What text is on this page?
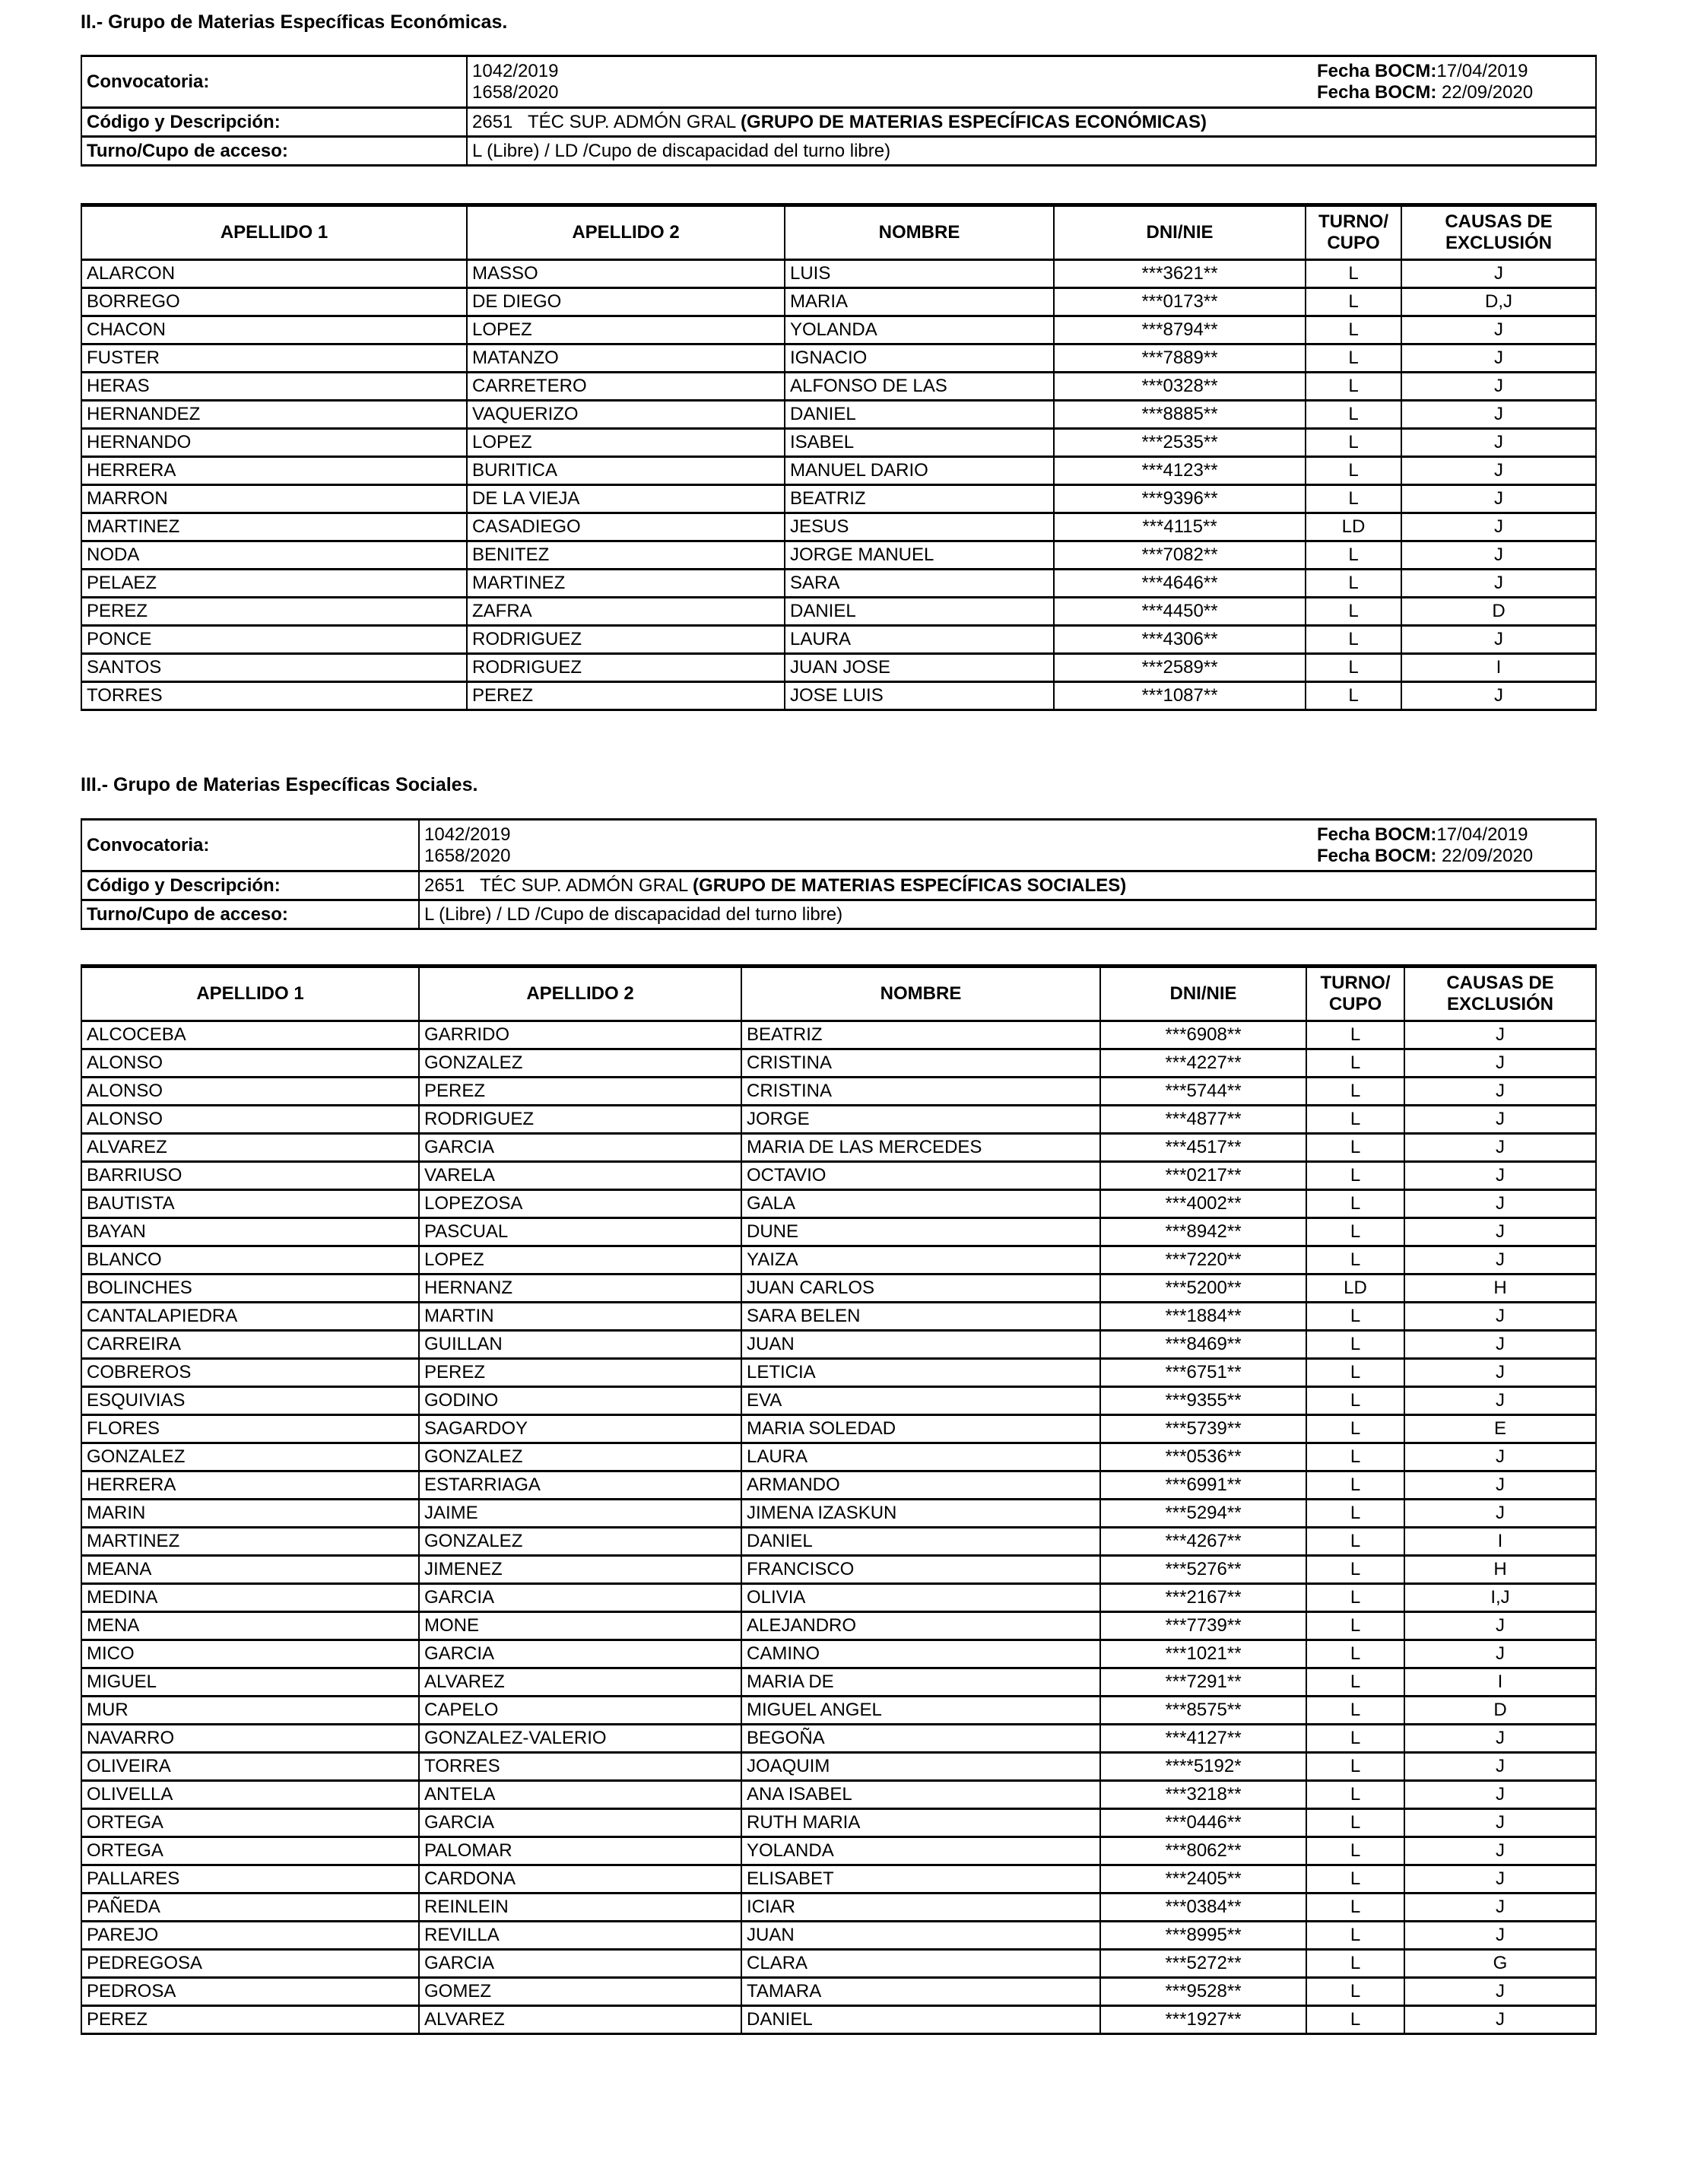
II.- Grupo de Materias Específicas Económicas.
Convocatoria:	1042/2019
1658/2020
Fecha BOCM:17/04/2019
Fecha BOCM: 22/09/2020

Código y Descripción:	2651   TÉC SUP. ADMÓN GRAL (GRUPO DE MATERIAS ESPECÍFICAS ECONÓMICAS)
Turno/Cupo de acceso:	L (Libre) / LD /Cupo de discapacidad del turno libre)
APELLIDO 1	APELLIDO 2	NOMBRE	DNI/NIE	TURNO/ CUPO	CAUSAS DE EXCLUSIÓN
ALARCON	MASSO	LUIS	***3621**	L	J
BORREGO	DE DIEGO	MARIA	***0173**	L	D,J
CHACON	LOPEZ	YOLANDA	***8794**	L	J
FUSTER	MATANZO	IGNACIO	***7889**	L	J
HERAS	CARRETERO	ALFONSO DE LAS	***0328**	L	J
HERNANDEZ	VAQUERIZO	DANIEL	***8885**	L	J
HERNANDO	LOPEZ	ISABEL	***2535**	L	J
HERRERA	BURITICA	MANUEL DARIO	***4123**	L	J
MARRON	DE LA VIEJA	BEATRIZ	***9396**	L	J
MARTINEZ	CASADIEGO	JESUS	***4115**	LD	J
NODA	BENITEZ	JORGE MANUEL	***7082**	L	J
PELAEZ	MARTINEZ	SARA	***4646**	L	J
PEREZ	ZAFRA	DANIEL	***4450**	L	D
PONCE	RODRIGUEZ	LAURA	***4306**	L	J
SANTOS	RODRIGUEZ	JUAN JOSE	***2589**	L	I
TORRES	PEREZ	JOSE LUIS	***1087**	L	J
III.- Grupo de Materias Específicas Sociales.
Convocatoria:	1042/2019
1658/2020
Fecha BOCM:17/04/2019
Fecha BOCM: 22/09/2020

Código y Descripción:	2651   TÉC SUP. ADMÓN GRAL (GRUPO DE MATERIAS ESPECÍFICAS SOCIALES)
Turno/Cupo de acceso:	L (Libre) / LD /Cupo de discapacidad del turno libre)
APELLIDO 1	APELLIDO 2	NOMBRE	DNI/NIE	TURNO/ CUPO	CAUSAS DE EXCLUSIÓN
ALCOCEBA	GARRIDO	BEATRIZ	***6908**	L	J
ALONSO	GONZALEZ	CRISTINA	***4227**	L	J
ALONSO	PEREZ	CRISTINA	***5744**	L	J
ALONSO	RODRIGUEZ	JORGE	***4877**	L	J
ALVAREZ	GARCIA	MARIA DE LAS MERCEDES	***4517**	L	J
BARRIUSO	VARELA	OCTAVIO	***0217**	L	J
BAUTISTA	LOPEZOSA	GALA	***4002**	L	J
BAYAN	PASCUAL	DUNE	***8942**	L	J
BLANCO	LOPEZ	YAIZA	***7220**	L	J
BOLINCHES	HERNANZ	JUAN CARLOS	***5200**	LD	H
CANTALAPIEDRA	MARTIN	SARA BELEN	***1884**	L	J
CARREIRA	GUILLAN	JUAN	***8469**	L	J
COBREROS	PEREZ	LETICIA	***6751**	L	J
ESQUIVIAS	GODINO	EVA	***9355**	L	J
FLORES	SAGARDOY	MARIA SOLEDAD	***5739**	L	E
GONZALEZ	GONZALEZ	LAURA	***0536**	L	J
HERRERA	ESTARRIAGA	ARMANDO	***6991**	L	J
MARIN	JAIME	JIMENA IZASKUN	***5294**	L	J
MARTINEZ	GONZALEZ	DANIEL	***4267**	L	I
MEANA	JIMENEZ	FRANCISCO	***5276**	L	H
MEDINA	GARCIA	OLIVIA	***2167**	L	I,J
MENA	MONE	ALEJANDRO	***7739**	L	J
MICO	GARCIA	CAMINO	***1021**	L	J
MIGUEL	ALVAREZ	MARIA DE	***7291**	L	I
MUR	CAPELO	MIGUEL ANGEL	***8575**	L	D
NAVARRO	GONZALEZ-VALERIO	BEGOÑA	***4127**	L	J
OLIVEIRA	TORRES	JOAQUIM	****5192*	L	J
OLIVELLA	ANTELA	ANA ISABEL	***3218**	L	J
ORTEGA	GARCIA	RUTH MARIA	***0446**	L	J
ORTEGA	PALOMAR	YOLANDA	***8062**	L	J
PALLARES	CARDONA	ELISABET	***2405**	L	J
PAÑEDA	REINLEIN	ICIAR	***0384**	L	J
PAREJO	REVILLA	JUAN	***8995**	L	J
PEDREGOSA	GARCIA	CLARA	***5272**	L	G
PEDROSA	GOMEZ	TAMARA	***9528**	L	J
PEREZ	ALVAREZ	DANIEL	***1927**	L	J
